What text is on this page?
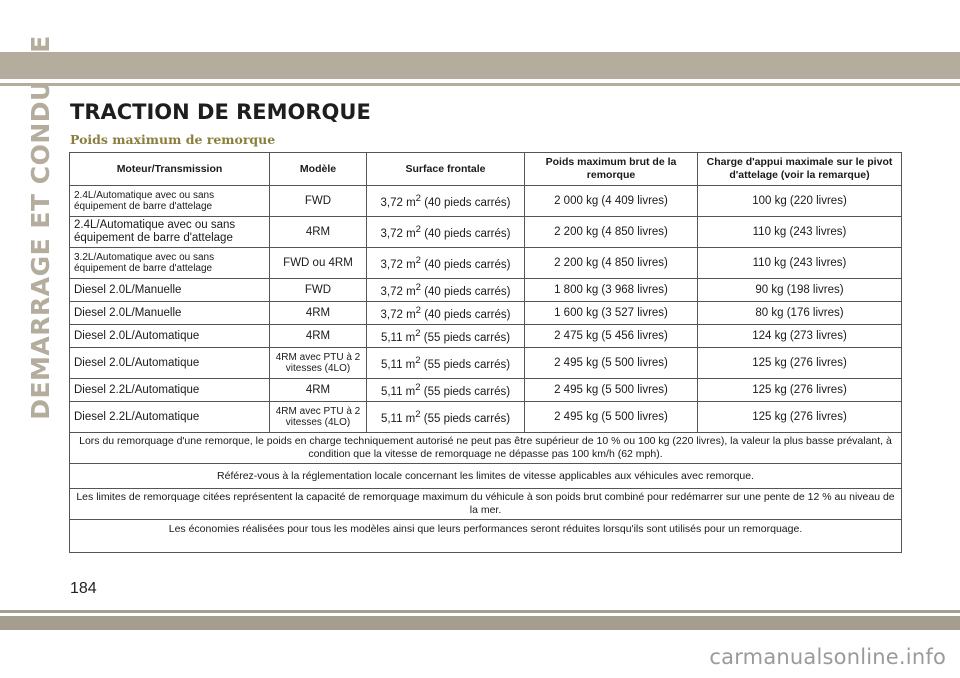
DEMARRAGE ET CONDUITE TRACTION DE REMORQUE
Poids maximum de remorque
Moteur/Transmission	Modèle	Surface frontale	Poids maximum brut de la remorque	Charge d'appui maximale sur le pivot d'attelage (voir la remarque)
2.4L/Automatique avec ou sans équipement de barre d'attelage	FWD	3,72 $m^2$ (40 pieds carrés)	2 000 kg (4 409 livres)	100 kg (220 livres)
2.4L/Automatique avec ou sans équipement de barre d'attelage	4RM	3,72 $m^2$ (40 pieds carrés)	2 200 kg (4 850 livres)	110 kg (243 livres)
3.2L/Automatique avec ou sans équipement de barre d'attelage	FWD ou 4RM	3,72 $m^2$ (40 pieds carrés)	2 200 kg (4 850 livres)	110 kg (243 livres)
Diesel 2.0L/Manuelle	FWD	3,72 $m^2$ (40 pieds carrés)	1 800 kg (3 968 livres)	90 kg (198 livres)
Diesel 2.0L/Manuelle	4RM	3,72 $m^2$ (40 pieds carrés)	1 600 kg (3 527 livres)	80 kg (176 livres)
Diesel 2.0L/Automatique	4RM	5,11 $m^2$ (55 pieds carrés)	2 475 kg (5 456 livres)	124 kg (273 livres)
Diesel 2.0L/Automatique	4RM avec PTU à 2 vitesses (4LO)	5,11 $m^2$ (55 pieds carrés)	2 495 kg (5 500 livres)	125 kg (276 livres)
Diesel 2.2L/Automatique	4RM	5,11 $m^2$ (55 pieds carrés)	2 495 kg (5 500 livres)	125 kg (276 livres)
Diesel 2.2L/Automatique	4RM avec PTU à 2 vitesses (4LO)	5,11 $m^2$ (55 pieds carrés)	2 495 kg (5 500 livres)	125 kg (276 livres)
Lors du remorquage d'une remorque, le poids en charge techniquement autorisé ne peut pas être supérieur de 10 % ou 100 kg (220 livres), la valeur la plus basse prévalant, à condition que la vitesse de remorquage ne dépasse pas 100 km/h (62 mph).				
Référez-vous à la réglementation locale concernant les limites de vitesse applicables aux véhicules avec remorque.				
Les limites de remorquage citées représentent la capacité de remorquage maximum du véhicule à son poids brut combiné pour redémarrer sur une pente de 12 % au niveau de la mer.				
Les économies réalisées pour tous les modèles ainsi que leurs performances seront réduites lorsqu'ils sont utilisés pour un remorquage.				
184
carmanualsonline.info
